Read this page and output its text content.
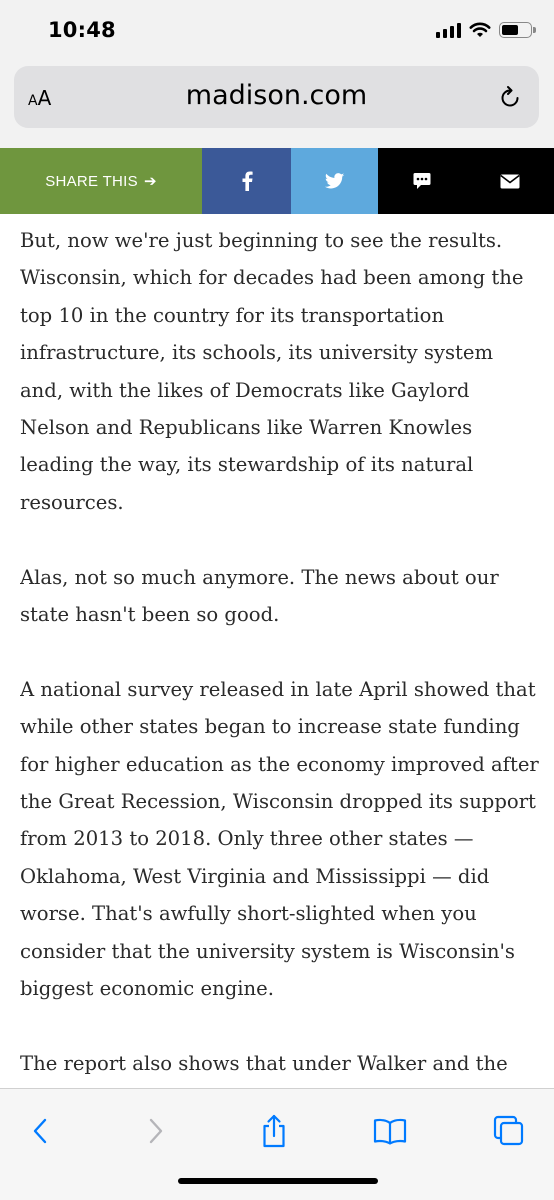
10:48
AA	madison.com
SHARE THIS ➔

But, now we're just beginning to see the results. Wisconsin, which for decades had been among the top 10 in the country for its transportation infrastructure, its schools, its university system and, with the likes of Democrats like Gaylord Nelson and Republicans like Warren Knowles leading the way, its stewardship of its natural resources.

Alas, not so much anymore. The news about our state hasn't been so good.

A national survey released in late April showed that while other states began to increase state funding for higher education as the economy improved after the Great Recession, Wisconsin dropped its support from 2013 to 2018. Only three other states — Oklahoma, West Virginia and Mississippi — did worse. That's awfully short-slighted when you consider that the university system is Wisconsin's biggest economic engine.

The report also shows that under Walker and the
